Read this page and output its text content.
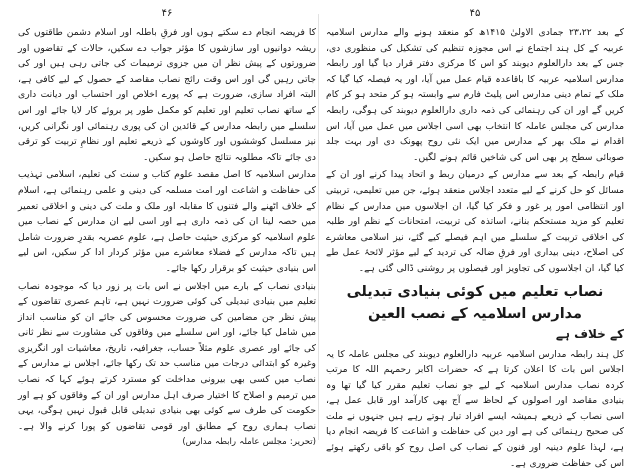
۴۶

کا فریضہ انجام دے سکتے ہوں اور فرقِ باطلہ اور اسلام دشمن طاقتوں کی ریشہ دوانیوں اور سازشوں کا مؤثر جواب دے سکیں، حالات کے تقاضوں اور ضرورتوں کے پیش نظر ان میں جزوی ترمیمات کی جاتی رہی ہیں اور کی جاتی رہیں گی اور اس وقت رائج نصاب مقاصد کے حصول کے لیے کافی ہے، البتہ افراد سازی، ضرورت ہے کہ پورے اخلاص اور احتساب اور دیانت داری کے ساتھ نصاب تعلیم اور تعلیم کو مکمل طور پر بروئے کار لایا جائے اور اس سلسلے میں رابطہ مدارس کے قائدین ان کی پوری رہنمائی اور نگرانی کریں، نیز مسلسل کوششوں اور کاوشوں کے ذریعے تعلیم اور نظامِ تربیت کو ترقی دی جائے تاکہ مطلوبہ نتائج حاصل ہو سکیں۔

مدارس اسلامیہ کا اصل مقصد علوم کتاب و سنت کی تعلیم، اسلامی تہذیب کی حفاظت و اشاعت اور امت مسلمہ کی دینی و علمی رہنمائی ہے، اسلام کے خلاف اٹھنے والے فتنوں کا مقابلہ اور ملک و ملت کی دینی و اخلاقی تعمیر میں حصہ لینا ان کی ذمہ داری ہے اور اسی لیے ان مدارس کے نصاب میں علوم اسلامیہ کو مرکزی حیثیت حاصل ہے، علوم عصریہ بقدرِ ضرورت شامل ہیں تاکہ مدارس کے فضلاء معاشرے میں مؤثر کردار ادا کر سکیں، اس لیے اس بنیادی حیثیت کو برقرار رکھا جائے۔

بنیادی نصاب کے بارے میں اجلاس نے اس بات پر زور دیا کہ موجودہ نصاب تعلیم میں بنیادی تبدیلی کی کوئی ضرورت نہیں ہے، تاہم عصری تقاضوں کے پیش نظر جن مضامین کی ضرورت محسوس کی جائے ان کو مناسب انداز میں شامل کیا جائے، اور اس سلسلے میں وفاقوں کی مشاورت سے نظر ثانی کی جائے اور عصری علوم مثلاً حساب، جغرافیہ، تاریخ، معاشیات اور انگریزی وغیرہ کو ابتدائی درجات میں مناسب حد تک رکھا جائے، اجلاس نے مدارس کے نصاب میں کسی بھی بیرونی مداخلت کو مسترد کرتے ہوئے کہا کہ نصاب میں ترمیم و اصلاح کا اختیار صرف اہل مدارس اور ان کے وفاقوں کو ہے اور حکومت کی طرف سے کوئی بھی بنیادی تبدیلی قابل قبول نہیں ہوگی، یہی نصاب ہماری روح کے مطابق اور قومی تقاضوں کو پورا کرنے والا ہے۔ (تحریر: مجلس عاملہ رابطہ مدارس)

۴۵

کے بعد ۲۳،۲۲ جمادی الاولیٰ ۱۴۱۵ھ کو منعقد ہونے والے مدارس اسلامیہ عربیہ کے کل ہند اجتماع نے اس مجوزہ تنظیم کی تشکیل کی منظوری دی، جس کے بعد دارالعلوم دیوبند کو اس کا مرکزی دفتر قرار دیا گیا اور رابطہ مدارس اسلامیہ عربیہ کا باقاعدہ قیام عمل میں آیا، اور یہ فیصلہ کیا گیا کہ ملک کے تمام دینی مدارس اس پلیٹ فارم سے وابستہ ہو کر متحد ہو کر کام کریں گے اور ان کی رہنمائی کی ذمہ داری دارالعلوم دیوبند کی ہوگی، رابطہ مدارس کی مجلس عاملہ کا انتخاب بھی اسی اجلاس میں عمل میں آیا، اس اقدام نے ملک بھر کے مدارس میں ایک نئی روح پھونک دی اور بہت جلد صوبائی سطح پر بھی اس کی شاخیں قائم ہونے لگیں۔

قیام رابطہ کے بعد سے مدارس کے درمیان ربط و اتحاد پیدا کرنے اور ان کے مسائل کو حل کرنے کے لیے متعدد اجلاس منعقد ہوئے، جن میں تعلیمی، تربیتی اور انتظامی امور پر غور و فکر کیا گیا، ان اجلاسوں میں مدارس کے نظام تعلیم کو مزید مستحکم بنانے، اساتذہ کی تربیت، امتحانات کے نظم اور طلبہ کی اخلاقی تربیت کے سلسلے میں اہم فیصلے کیے گئے، نیز اسلامی معاشرے کی اصلاح، دینی بیداری اور فرقِ ضالہ کی تردید کے لیے مؤثر لائحۂ عمل طے کیا گیا، ان اجلاسوں کی تجاویز اور فیصلوں پر روشنی ڈالی گئی ہے۔

نصاب تعلیم میں کوئی بنیادی تبدیلی مدارس اسلامیہ کے نصب العین
کے خلاف ہے

کل ہند رابطہ مدارس اسلامیہ عربیہ دارالعلوم دیوبند کی مجلس عاملہ کا یہ اجلاس اس بات کا اعلان کرتا ہے کہ حضرات اکابر رحمہم اللہ کا مرتب کردہ نصاب مدارس اسلامیہ کے لیے جو نصاب تعلیم مقرر کیا گیا تھا وہ بنیادی مقاصد اور اصولوں کے لحاظ سے آج بھی کارآمد اور قابل عمل ہے، اسی نصاب کے ذریعے ہمیشہ ایسے افراد تیار ہوتے رہے ہیں جنہوں نے ملت کی صحیح رہنمائی کی ہے اور دین کی حفاظت و اشاعت کا فریضہ انجام دیا ہے، لہذا علوم دینیہ اور فنون کے نصاب کی اصل روح کو باقی رکھتے ہوئے اس کی حفاظت ضروری ہے۔
